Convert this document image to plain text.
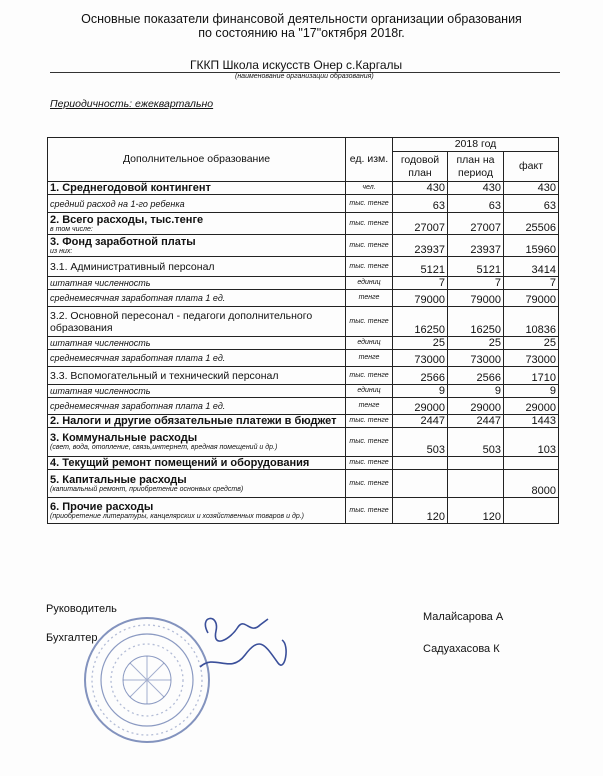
Основные показатели финансовой деятельности организации образования
по состоянию на "17"октября 2018г.
ГККП Школа искусств Онер с.Каргалы
(наименование организации образования)
Периодичность: ежеквартально
Дополнительное образование	ед. изм.	2018 год		
		годовой план	план на период	факт
1. Среднегодовой контингент	чел.	430	430	430
средний расход на 1-го ребенка	тыс. тенге	63	63	63
2. Всего расходы, тыс.тенге
в том числе:	тыс. тенге	27007	27007	25506
3. Фонд заработной платы
из них:	тыс. тенге	23937	23937	15960
3.1. Административный персонал	тыс. тенге	5121	5121	3414
штатная численность	единиц	7	7	7
среднемесячная заработная плата 1 ед.	тенге	79000	79000	79000
3.2. Основной пересонал - педагоги дополнительного образования	тыс. тенге	16250	16250	10836
штатная численность	единиц	25	25	25
среднемесячная заработная плата 1 ед.	тенге	73000	73000	73000
3.3. Вспомогательный и технический персонал	тыс. тенге	2566	2566	1710
штатная численность	единиц	9	9	9
среднемесячная заработная плата 1 ед.	тенге	29000	29000	29000
2. Налоги и другие обязательные платежи в бюджет	тыс. тенге	2447	2447	1443
3. Коммунальные расходы
(свет, вода, отопление, связь,интернет, вредная помещений и др.)	тыс. тенге	503	503	103
4. Текущий ремонт помещений и оборудования	тыс. тенге			
5. Капитальные расходы
(капитальный ремонт, приобретение оснонвых средств)	тыс. тенге			8000
6. Прочие расходы
(приобретение литературы, канцелярских и хозяйственных товаров и др.)	тыс. тенге	120	120	
Руководитель
Малайсарова А
Бухгалтер
Садуахасова К
